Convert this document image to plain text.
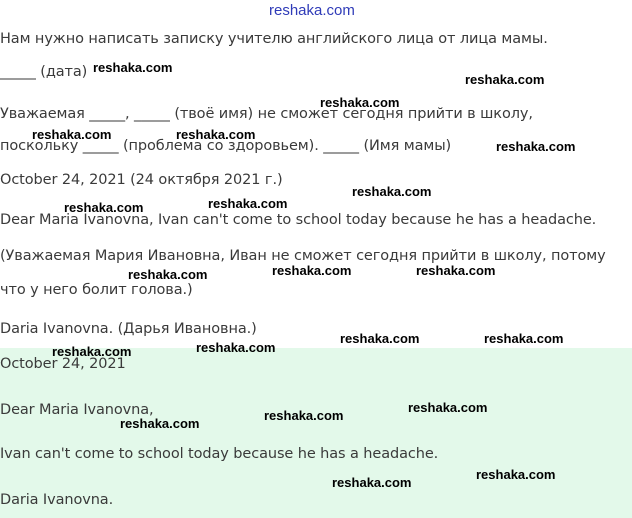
reshaka.com
Нам нужно написать записку учителю английского лица от лица мамы.
_____ (дата)
Уважаемая _____, _____ (твоё имя) не сможет сегодня прийти в школу,
поскольку _____ (проблема со здоровьем). _____ (Имя мамы)
October 24, 2021 (24 октября 2021 г.)
Dear Maria Ivanovna, Ivan can't come to school today because he has a headache.
(Уважаемая Мария Ивановна, Иван не сможет сегодня прийти в школу, потому
что у него болит голова.)
Daria Ivanovna. (Дарья Ивановна.)
October 24, 2021
Dear Maria Ivanovna,
Ivan can't come to school today because he has a headache.
Daria Ivanovna.
reshaka.com
reshaka.com
reshaka.com
reshaka.com	reshaka.com
reshaka.com
reshaka.com
reshaka.com	reshaka.com
reshaka.com	reshaka.com
reshaka.com
reshaka.com	reshaka.com
reshaka.com
reshaka.com
reshaka.com
reshaka.com
reshaka.com
reshaka.com
reshaka.com
